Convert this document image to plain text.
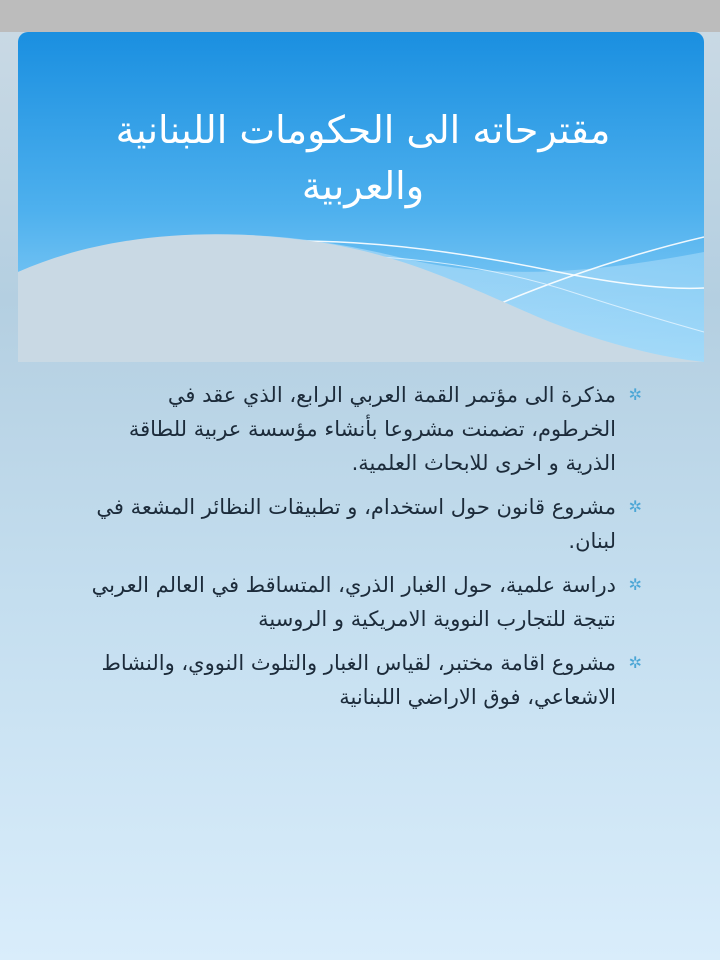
مقترحاته الى الحكومات اللبنانية والعربية
✲
مذكرة الى مؤتمر القمة العربي الرابع، الذي عقد في الخرطوم، تضمنت مشروعا بأنشاء مؤسسة عربية للطاقة الذرية و اخرى للابحاث العلمية.
✲
مشروع قانون حول استخدام، و تطبيقات النظائر المشعة في لبنان.
✲
دراسة علمية، حول الغبار الذري، المتساقط في العالم العربي نتيجة للتجارب النووية الامريكية و الروسية
✲
مشروع اقامة مختبر، لقياس الغبار والتلوث النووي، والنشاط الاشعاعي، فوق الاراضي اللبنانية
